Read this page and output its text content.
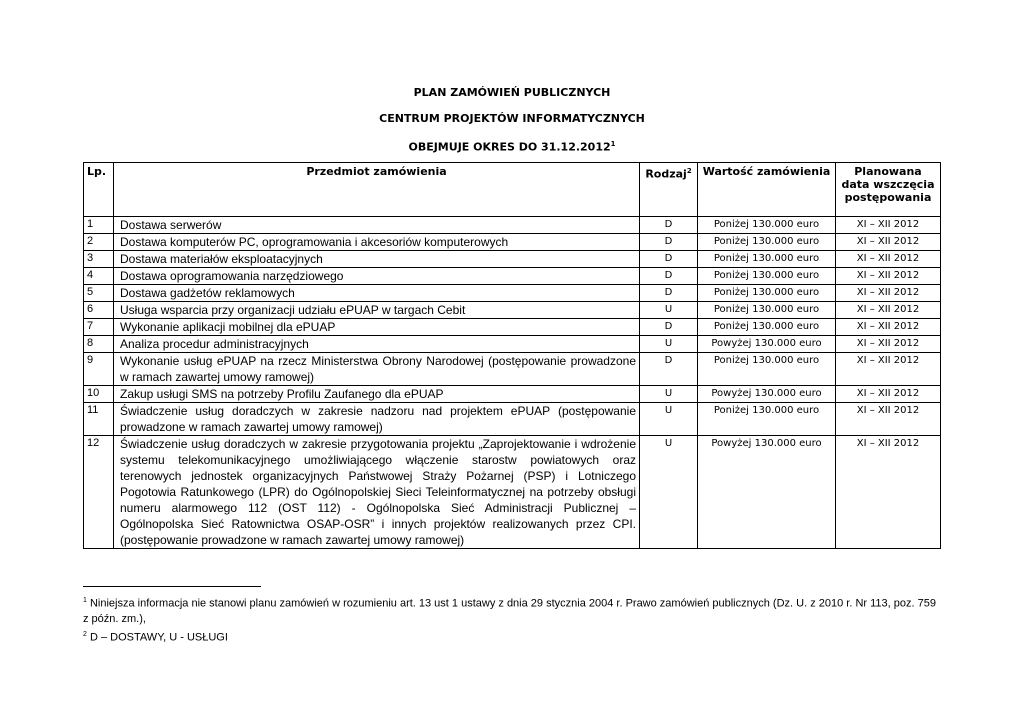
PLAN ZAMÓWIEŃ PUBLICZNYCH
CENTRUM PROJEKTÓW INFORMATYCZNYCH
OBEJMUJE OKRES DO 31.12.2012$^1$
Lp.	Przedmiot zamówienia	Rodzaj$^2$	Wartość zamówienia	Planowana data wszczęcia postępowania
1	Dostawa serwerów	D	Poniżej 130.000 euro	XI – XII 2012
2	Dostawa komputerów PC, oprogramowania i akcesoriów komputerowych	D	Poniżej 130.000 euro	XI – XII 2012
3	Dostawa materiałów eksploatacyjnych	D	Poniżej 130.000 euro	XI – XII 2012
4	Dostawa oprogramowania narzędziowego	D	Poniżej 130.000 euro	XI – XII 2012
5	Dostawa gadżetów reklamowych	D	Poniżej 130.000 euro	XI – XII 2012
6	Usługa wsparcia przy organizacji udziału ePUAP w targach Cebit	U	Poniżej 130.000 euro	XI – XII 2012
7	Wykonanie aplikacji mobilnej dla ePUAP	D	Poniżej 130.000 euro	XI – XII 2012
8	Analiza procedur administracyjnych	U	Powyżej 130.000 euro	XI – XII 2012
9	Wykonanie usług ePUAP na rzecz Ministerstwa Obrony Narodowej (postępowanie prowadzone w ramach zawartej umowy ramowej)	D	Poniżej 130.000 euro	XI – XII 2012
10	Zakup usługi SMS na potrzeby Profilu Zaufanego dla ePUAP	U	Powyżej 130.000 euro	XI – XII 2012
11	Świadczenie usług doradczych w zakresie nadzoru nad projektem ePUAP (postępowanie prowadzone w ramach zawartej umowy ramowej)	U	Poniżej 130.000 euro	XI – XII 2012
12	Świadczenie usług doradczych w zakresie przygotowania projektu „Zaprojektowanie i wdrożenie systemu telekomunikacyjnego umożliwiającego włączenie starostw powiatowych oraz terenowych jednostek organizacyjnych Państwowej Straży Pożarnej (PSP) i Lotniczego Pogotowia Ratunkowego (LPR) do Ogólnopolskiej Sieci Teleinformatycznej na potrzeby obsługi numeru alarmowego 112 (OST 112) - Ogólnopolska Sieć Administracji Publicznej – Ogólnopolska Sieć Ratownictwa OSAP-OSR” i innych projektów realizowanych przez CPI. (postępowanie prowadzone w ramach zawartej umowy ramowej)	U	Powyżej 130.000 euro	XI – XII 2012
$^1$ Niniejsza informacja nie stanowi planu zamówień w rozumieniu art. 13 ust 1 ustawy z dnia 29 stycznia 2004 r. Prawo zamówień publicznych (Dz. U. z 2010 r. Nr 113, poz. 759 z późn. zm.),
$^2$ D – DOSTAWY, U - USŁUGI
